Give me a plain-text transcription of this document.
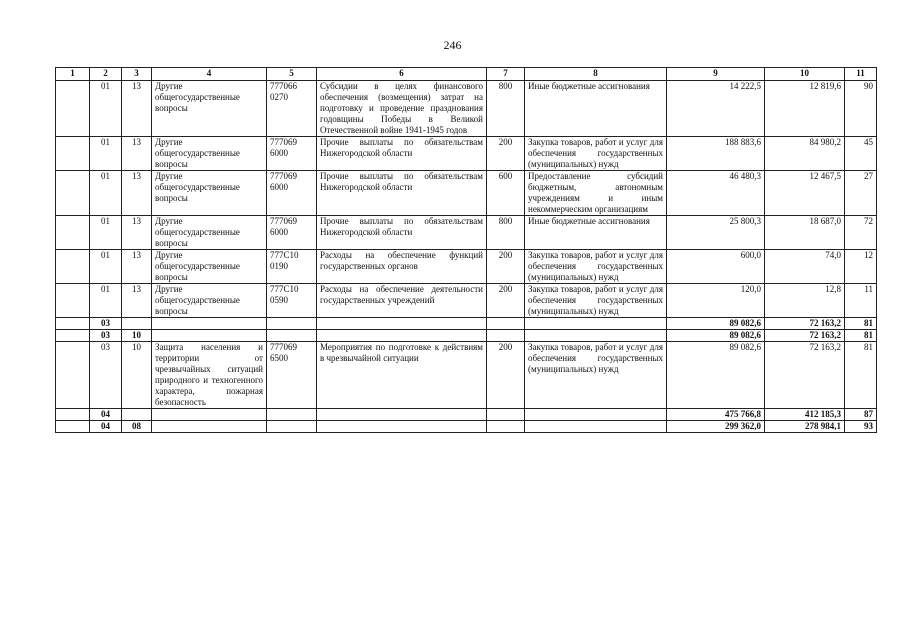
246
1	2	3	4	5	6	7	8	9	10	11
	01	13	Другие общегосударственные вопросы	777066 0270	Субсидии в целях финансового обеспечения (возмещения) затрат на подготовку и проведение празднования годовщины Победы в Великой Отечественной войне 1941-1945 годов	800	Иные бюджетные ассигнования	14 222,5	12 819,6	90
	01	13	Другие общегосударственные вопросы	777069 6000	Прочие выплаты по обязательствам Нижегородской области	200	Закупка товаров, работ и услуг для обеспечения государственных (муниципальных) нужд	188 883,6	84 980,2	45
	01	13	Другие общегосударственные вопросы	777069 6000	Прочие выплаты по обязательствам Нижегородской области	600	Предоставление субсидий бюджетным, автономным учреждениям и иным некоммерческим организациям	46 480,3	12 467,5	27
	01	13	Другие общегосударственные вопросы	777069 6000	Прочие выплаты по обязательствам Нижегородской области	800	Иные бюджетные ассигнования	25 800,3	18 687,0	72
	01	13	Другие общегосударственные вопросы	777С10 0190	Расходы на обеспечение функций государственных органов	200	Закупка товаров, работ и услуг для обеспечения государственных (муниципальных) нужд	600,0	74,0	12
	01	13	Другие общегосударственные вопросы	777С10 0590	Расходы на обеспечение деятельности государственных учреждений	200	Закупка товаров, работ и услуг для обеспечения государственных (муниципальных) нужд	120,0	12,8	11
	03							89 082,6	72 163,2	81
	03	10						89 082,6	72 163,2	81
	03	10	Защита населения и территории от чрезвычайных ситуаций природного и техногенного характера, пожарная безопасность	777069 6500	Мероприятия по подготовке к действиям в чрезвычайной ситуации	200	Закупка товаров, работ и услуг для обеспечения государственных (муниципальных) нужд	89 082,6	72 163,2	81
	04							475 766,8	412 185,3	87
	04	08						299 362,0	278 984,1	93
